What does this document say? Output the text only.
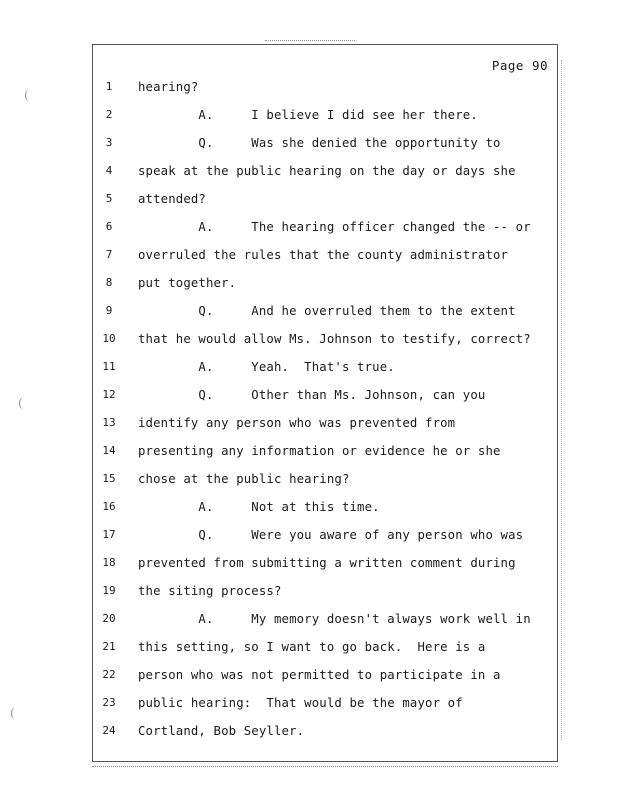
(
(
(
Page 90
1 hearing?
2 A.     I believe I did see her there.
3 Q.     Was she denied the opportunity to
4 speak at the public hearing on the day or days she
5 attended?
6 A.     The hearing officer changed the -- or
7 overruled the rules that the county administrator
8 put together.
9 Q.     And he overruled them to the extent
10 that he would allow Ms. Johnson to testify, correct?
11 A.     Yeah.  That's true.
12 Q.     Other than Ms. Johnson, can you
13 identify any person who was prevented from
14 presenting any information or evidence he or she
15 chose at the public hearing?
16 A.     Not at this time.
17 Q.     Were you aware of any person who was
18 prevented from submitting a written comment during
19 the siting process?
20 A.     My memory doesn't always work well in
21 this setting, so I want to go back.  Here is a
22 person who was not permitted to participate in a
23 public hearing:  That would be the mayor of
24 Cortland, Bob Seyller.
